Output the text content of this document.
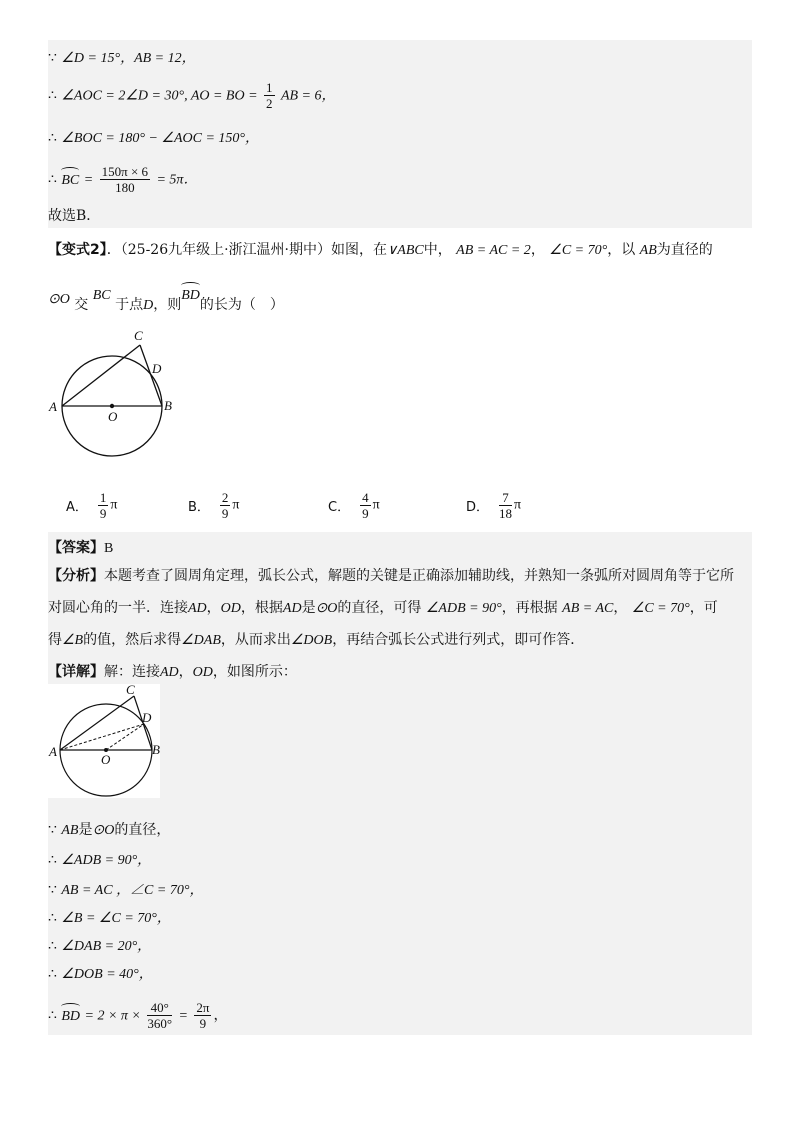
∵ ∠D = 15°，AB = 12，
∴ ∠AOC = 2∠D = 30°, AO = BO = $\frac{1}{2}$ AB = 6，
∴ ∠BOC = 180° − ∠AOC = 150°，
∴ BC = $\frac{150\pi \times 6}{180} = 5\pi$．
故选B．
【变式2】．（25-26九年级上·浙江温州·期中）如图，在∨ABC中， AB = AC = 2， ∠C = 70°，以 AB为直径的
⊙O 交 BC 于点D，则BD的长为（　）
C
D
A
O
B
A． $\frac{1}{9}$ π	B． $\frac{2}{9}$ π	C． $\frac{4}{9}$ π	D． $\frac{7}{18}$ π
【答案】B
【分析】本题考查了圆周角定理，弧长公式，解题的关键是正确添加辅助线，并熟知一条弧所对圆周角等于它所
对圆心角的一半．连接AD，OD，根据AD是⊙O的直径，可得 ∠ADB = 90°，再根据 AB = AC， ∠C = 70°，可
得∠B的值，然后求得∠DAB，从而求出∠DOB，再结合弧长公式进行列式，即可作答．
【详解】解：连接AD，OD，如图所示：
C
D
A
O
B
∵ AB是⊙O的直径，
∴ ∠ADB = 90°，
∵ AB = AC ，∠C = 70°，
∴ ∠B = ∠C = 70°，
∴ ∠DAB = 20°，
∴ ∠DOB = 40°，
∴ BD = $2 \times \pi \times \frac{40^\circ}{360^\circ} = \frac{2\pi}{9}$ ，
